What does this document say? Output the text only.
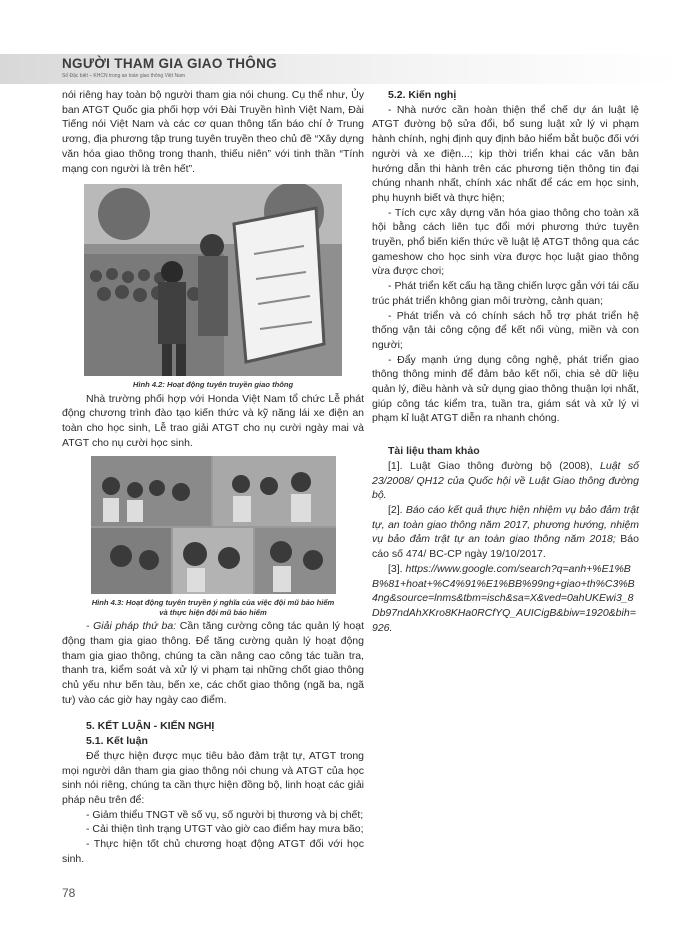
NGƯỜI THAM GIA GIAO THÔNG
Số Đặc biệt – KHCN trong an toàn giao thông Việt Nam

nói riêng hay toàn bộ người tham gia nói chung. Cụ thể như, Ủy ban ATGT Quốc gia phối hợp với Đài Truyền hình Việt Nam, Đài Tiếng nói Việt Nam và các cơ quan thông tấn báo chí ở Trung ương, địa phương tập trung tuyên truyền theo chủ đề “Xây dựng văn hóa giao thông trong thanh, thiếu niên” với tinh thần “Tính mạng con người là trên hết”.

Hình 4.2: Hoạt động tuyên truyền giao thông

Nhà trường phối hợp với Honda Việt Nam tổ chức Lễ phát động chương trình đào tạo kiến thức và kỹ năng lái xe điện an toàn cho học sinh, Lễ trao giải ATGT cho nụ cười ngày mai và ATGT cho nụ cười học sinh.

Hình 4.3: Hoạt động tuyên truyền ý nghĩa của việc đội mũ bảo hiểm
và thực hiện đội mũ bảo hiểm

- Giải pháp thứ ba: Cần tăng cường công tác quản lý hoạt động tham gia giao thông. Để tăng cường quản lý hoạt động tham gia giao thông, chúng ta cần nâng cao công tác tuần tra, thanh tra, kiểm soát và xử lý vi phạm tại những chốt giao thông chủ yếu như bến tàu, bến xe, các chốt giao thông (ngã ba, ngã tư) vào các giờ hay ngày cao điểm.

5. KẾT LUẬN - KIẾN NGHỊ
5.1. Kết luận

Để thực hiện được mục tiêu bảo đảm trật tự, ATGT trong mọi người dân tham gia giao thông nói chung và ATGT của học sinh nói riêng, chúng ta cần thực hiện đồng bộ, linh hoạt các giải pháp nêu trên để:

- Giảm thiểu TNGT về số vụ, số người bị thương và bị chết;

- Cải thiện tình trạng UTGT vào giờ cao điểm hay mưa bão;

- Thực hiện tốt chủ chương hoạt động ATGT đối với học sinh.

5.2. Kiến nghị

- Nhà nước cần hoàn thiện thể chế dự án luật lệ ATGT đường bộ sửa đổi, bổ sung luật xử lý vi phạm hành chính, nghị định quy định bảo hiểm bắt buộc đối với người và xe điện...; kịp thời triển khai các văn bản hướng dẫn thi hành trên các phương tiện thông tin đại chúng nhanh nhất, chính xác nhất để các em học sinh, phụ huynh biết và thực hiện;

- Tích cực xây dựng văn hóa giao thông cho toàn xã hội bằng cách liên tục đổi mới phương thức tuyên truyền, phổ biến kiến thức về luật lệ ATGT thông qua các gameshow cho học sinh vừa được học luật giao thông vừa được chơi;

- Phát triển kết cấu hạ tầng chiến lược gắn với tái cấu trúc phát triển không gian môi trường, cảnh quan;

- Phát triển và có chính sách hỗ trợ phát triển hệ thống vận tải công cộng để kết nối vùng, miền và con người;

- Đẩy mạnh ứng dụng công nghệ, phát triển giao thông thông minh để đảm bảo kết nối, chia sẻ dữ liệu quản lý, điều hành và sử dụng giao thông thuận lợi nhất, giúp công tác kiểm tra, tuần tra, giám sát và xử lý vi phạm kỉ luật ATGT diễn ra nhanh chóng.

Tài liệu tham khảo

[1]. Luật Giao thông đường bộ (2008), Luật số 23/2008/ QH12 của Quốc hội về Luật Giao thông đường bộ.

[2]. Báo cáo kết quả thực hiện nhiệm vụ bảo đảm trật tự, an toàn giao thông năm 2017, phương hướng, nhiệm vụ bảo đảm trật tự an toàn giao thông năm 2018; Báo cáo số 474/ BC-CP ngày 19/10/2017.

[3]. https://www.google.com/search?q=anh+%E1%BB%81+hoat+%C4%91%E1%BB%99ng+giao+th%C3%B4ng&source=lnms&tbm=isch&sa=X&ved=0ahUKEwi3_8Db97ndAhXKro8KHa0RCfYQ_AUICigB&biw=1920&bih=926.

78
